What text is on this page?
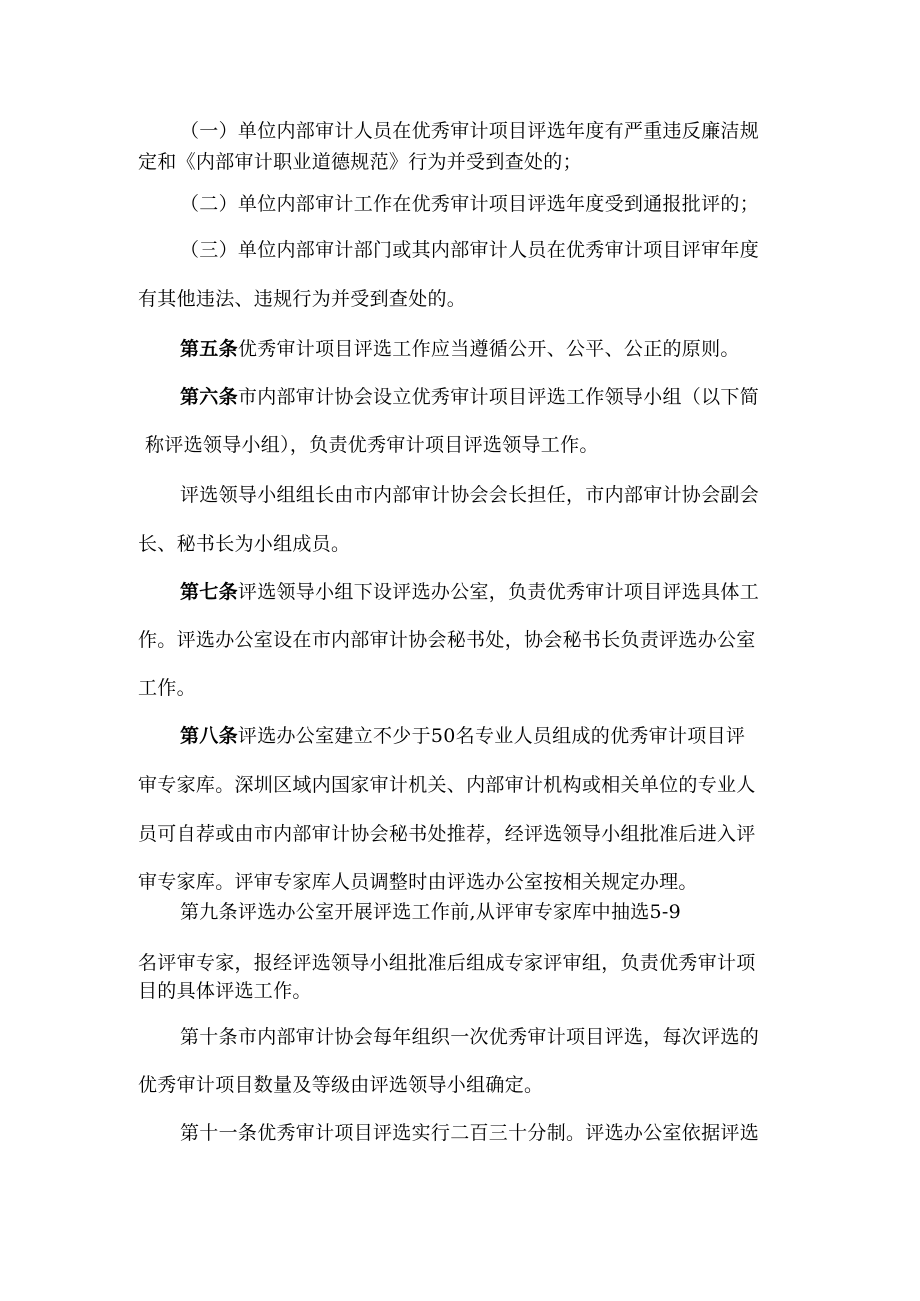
（一）单位内部审计人员在优秀审计项目评选年度有严重违反廉洁规
定和《内部审计职业道德规范》行为并受到查处的；
（二）单位内部审计工作在优秀审计项目评选年度受到通报批评的；
（三）单位内部审计部门或其内部审计人员在优秀审计项目评审年度
有其他违法、违规行为并受到查处的。
第五条优秀审计项目评选工作应当遵循公开、公平、公正的原则。
第六条市内部审计协会设立优秀审计项目评选工作领导小组（以下简
称评选领导小组），负责优秀审计项目评选领导工作。
评选领导小组组长由市内部审计协会会长担任，市内部审计协会副会
长、秘书长为小组成员。
第七条评选领导小组下设评选办公室，负责优秀审计项目评选具体工
作。评选办公室设在市内部审计协会秘书处，协会秘书长负责评选办公室
工作。
第八条评选办公室建立不少于50名专业人员组成的优秀审计项目评
审专家库。深圳区域内国家审计机关、内部审计机构或相关单位的专业人
员可自荐或由市内部审计协会秘书处推荐，经评选领导小组批准后进入评
审专家库。评审专家库人员调整时由评选办公室按相关规定办理。
第九条评选办公室开展评选工作前,从评审专家库中抽选5-9
名评审专家，报经评选领导小组批准后组成专家评审组，负责优秀审计项
目的具体评选工作。
第十条市内部审计协会每年组织一次优秀审计项目评选，每次评选的
优秀审计项目数量及等级由评选领导小组确定。
第十一条优秀审计项目评选实行二百三十分制。评选办公室依据评选
